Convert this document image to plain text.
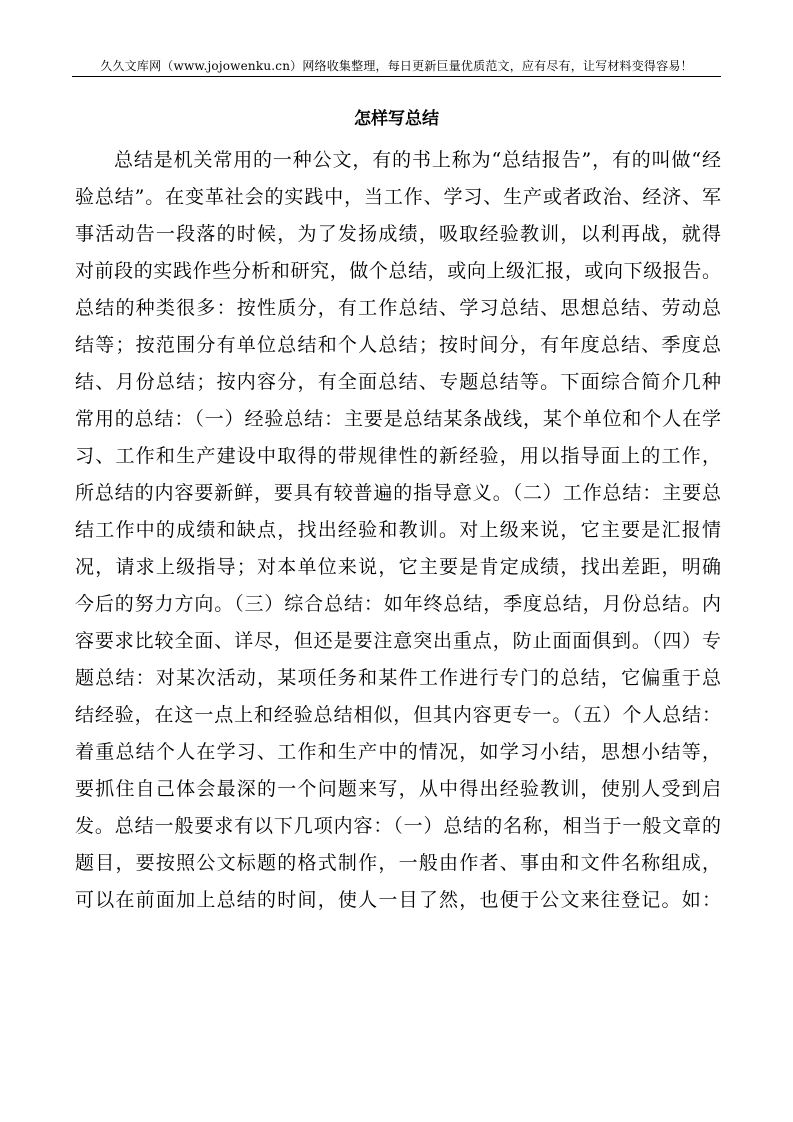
久久文库网（www.jojowenku.cn）网络收集整理，每日更新巨量优质范文，应有尽有，让写材料变得容易！
怎样写总结
总结是机关常用的一种公文，有的书上称为“总结报告”，有的叫做“经
验总结”。在变革社会的实践中，当工作、学习、生产或者政治、经济、军
事活动告一段落的时候，为了发扬成绩，吸取经验教训，以利再战，就得
对前段的实践作些分析和研究，做个总结，或向上级汇报，或向下级报告。
总结的种类很多：按性质分，有工作总结、学习总结、思想总结、劳动总
结等；按范围分有单位总结和个人总结；按时间分，有年度总结、季度总
结、月份总结；按内容分，有全面总结、专题总结等。下面综合简介几种
常用的总结：（一）经验总结：主要是总结某条战线，某个单位和个人在学
习、工作和生产建设中取得的带规律性的新经验，用以指导面上的工作，
所总结的内容要新鲜，要具有较普遍的指导意义。（二）工作总结：主要总
结工作中的成绩和缺点，找出经验和教训。对上级来说，它主要是汇报情
况，请求上级指导；对本单位来说，它主要是肯定成绩，找出差距，明确
今后的努力方向。（三）综合总结：如年终总结，季度总结，月份总结。内
容要求比较全面、详尽，但还是要注意突出重点，防止面面俱到。（四）专
题总结：对某次活动，某项任务和某件工作进行专门的总结，它偏重于总
结经验，在这一点上和经验总结相似，但其内容更专一。（五）个人总结：
着重总结个人在学习、工作和生产中的情况，如学习小结，思想小结等，
要抓住自己体会最深的一个问题来写，从中得出经验教训，使别人受到启
发。总结一般要求有以下几项内容：（一）总结的名称，相当于一般文章的
题目，要按照公文标题的格式制作，一般由作者、事由和文件名称组成，
可以在前面加上总结的时间，使人一目了然，也便于公文来往登记。如：
